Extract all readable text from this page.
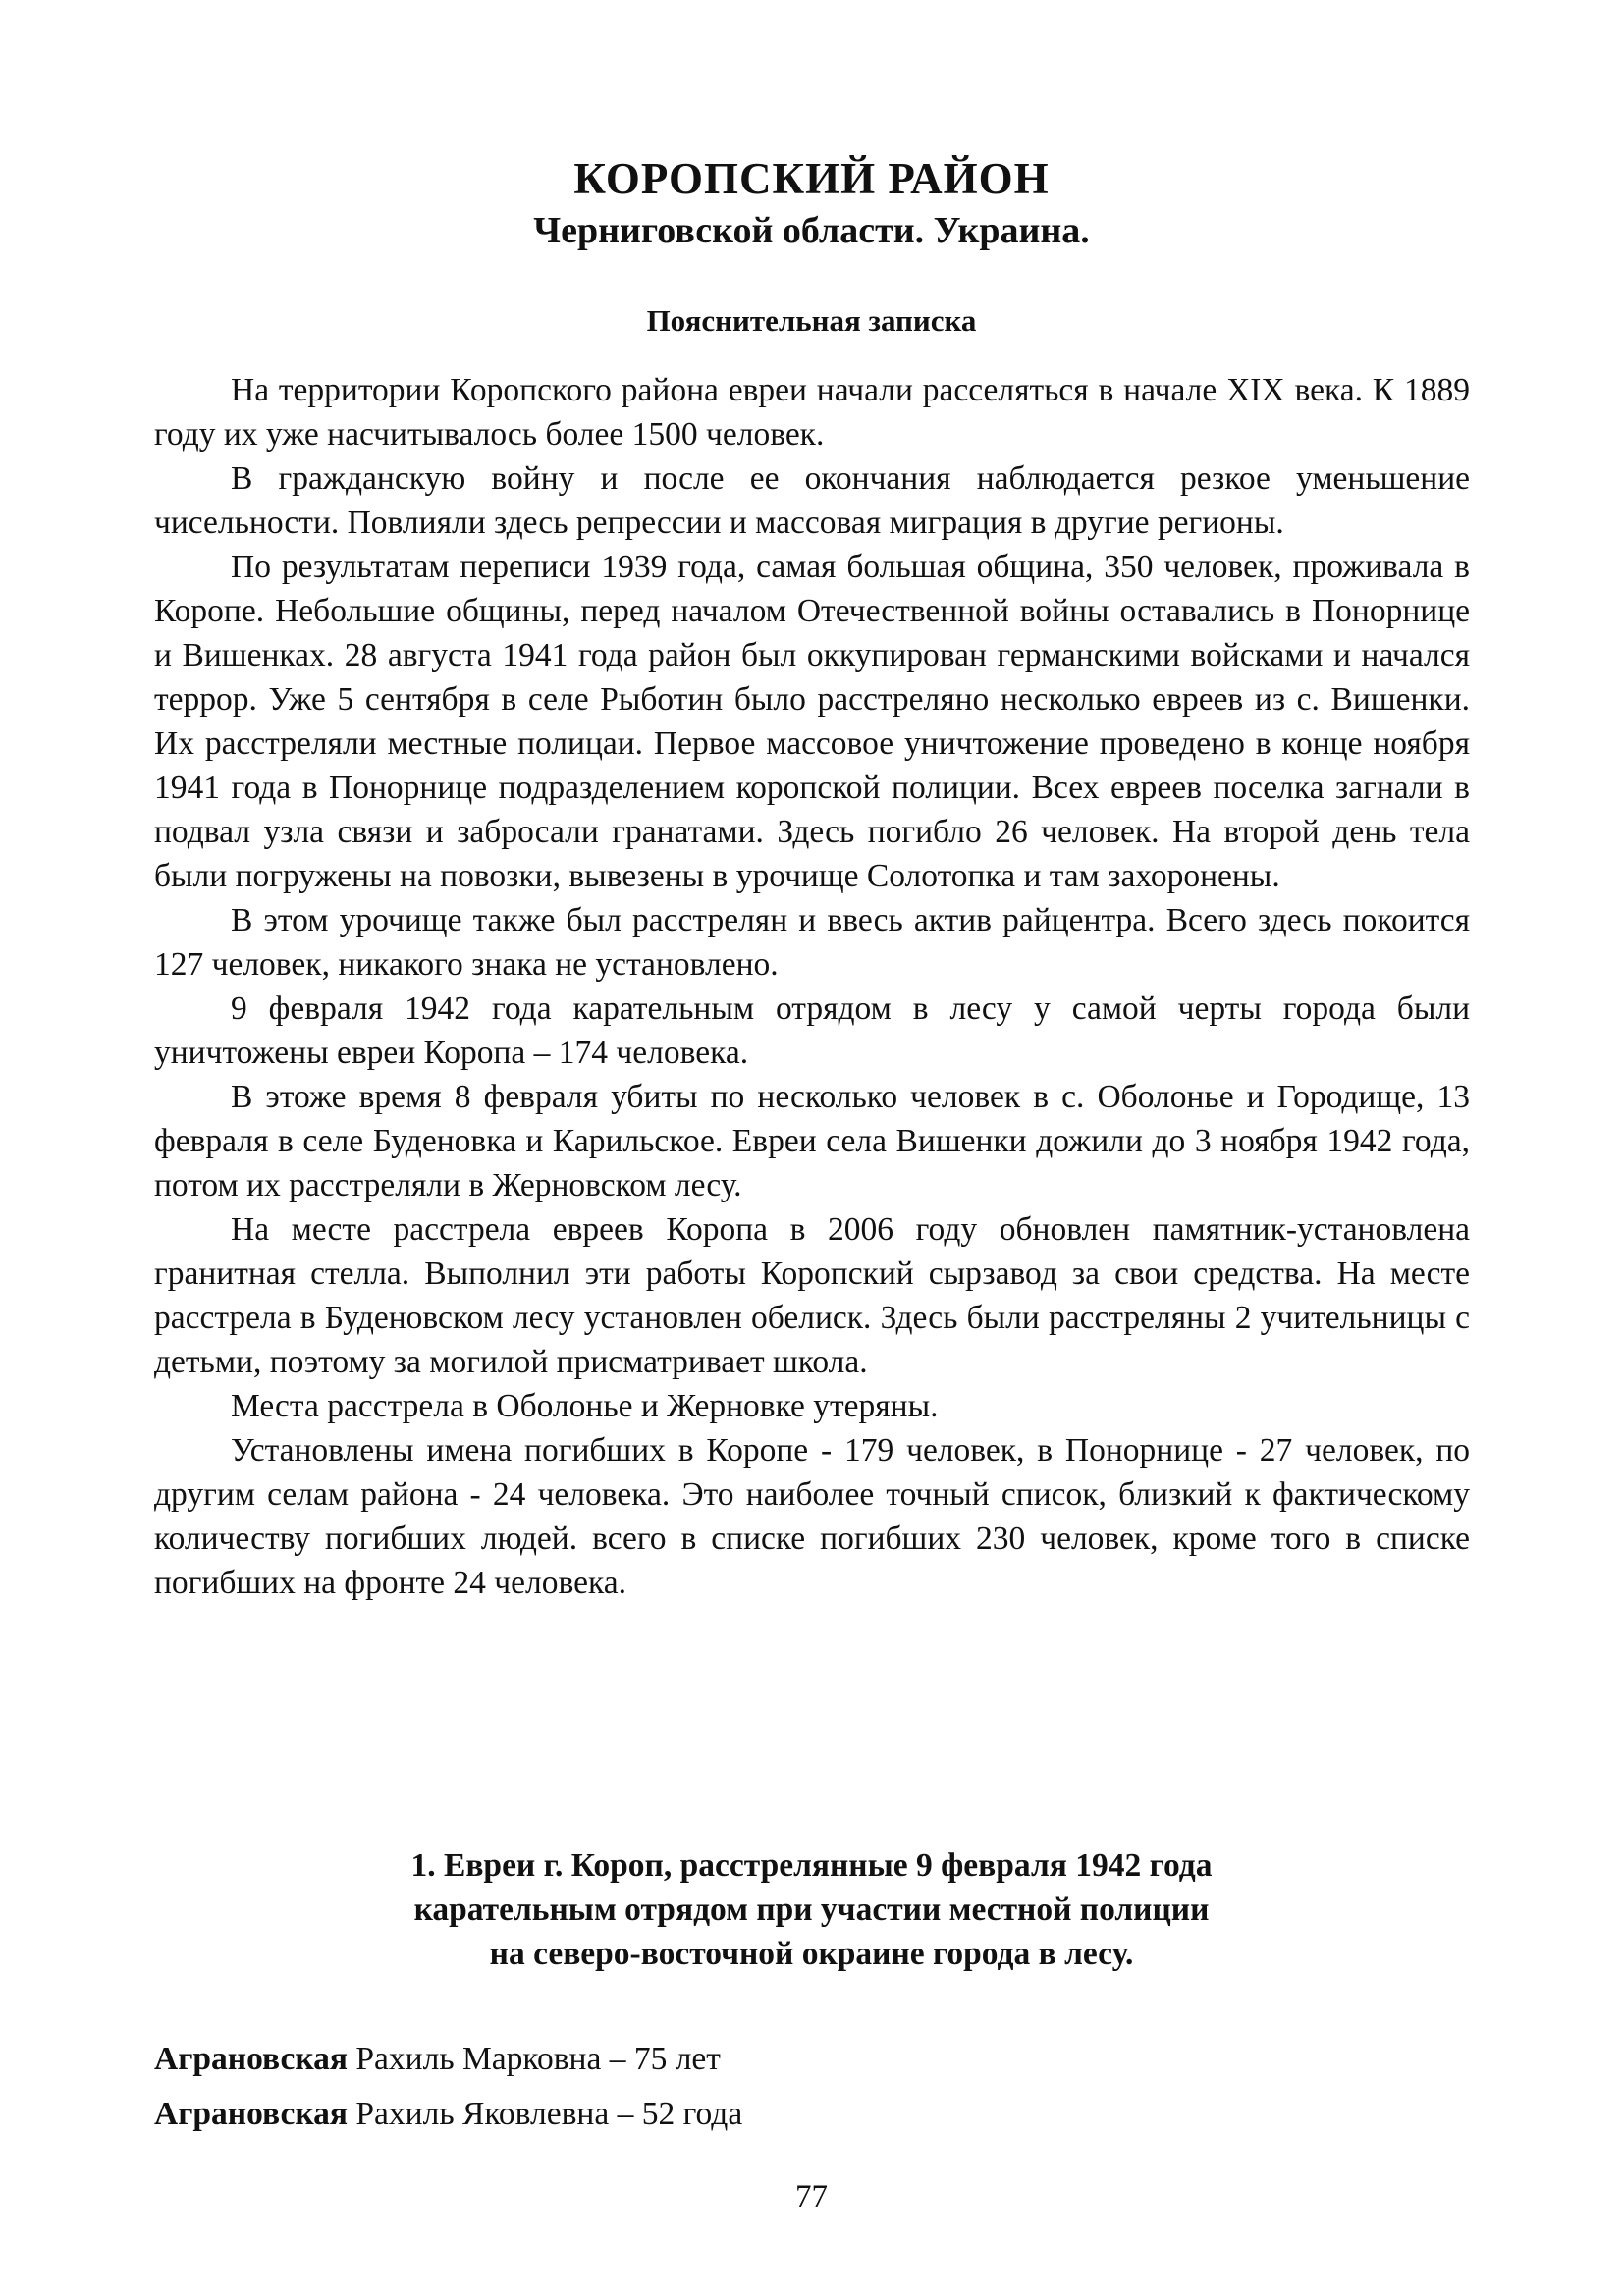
КОРОПСКИЙ РАЙОН
Черниговской области. Украина.
Пояснительная записка

На территории Коропского района евреи начали расселяться в начале XIX века. К 1889 году их уже насчитывалось более 1500 человек.

В гражданскую войну и после ее окончания наблюдается резкое уменьшение чисельности. Повлияли здесь репрессии и массовая миграция в другие регионы.

По результатам переписи 1939 года, самая большая община, 350 человек, проживала в Коропе. Небольшие общины, перед началом Отечественной войны оставались в Понорнице и Вишенках. 28 августа 1941 года район был оккупирован германскими войсками и начался террор. Уже 5 сентября в селе Рыботин было расстреляно несколько евреев из с. Вишенки. Их расстреляли местные полицаи. Первое массовое уничтожение проведено в конце ноября 1941 года в Понорнице подразделением коропской полиции. Всех евреев поселка загнали в подвал узла связи и забросали гранатами. Здесь погибло 26 человек. На второй день тела были погружены на повозки, вывезены в урочище Солотопка и там захоронены.

В этом урочище также был расстрелян и ввесь актив райцентра. Всего здесь покоится 127 человек, никакого знака не установлено.

9 февраля 1942 года карательным отрядом в лесу у самой черты города были уничтожены евреи Коропа – 174 человека.

В этоже время 8 февраля убиты по несколько человек в с. Оболонье и Городище, 13 февраля в селе Буденовка и Карильское. Евреи села Вишенки дожили до 3 ноября 1942 года, потом их расстреляли в Жерновском лесу.

На месте расстрела евреев Коропа в 2006 году обновлен памятник-установлена гранитная стелла. Выполнил эти работы Коропский сырзавод за свои средства. На месте расстрела в Буденовском лесу установлен обелиск. Здесь были расстреляны 2 учительницы с детьми, поэтому за могилой присматривает школа.

Места расстрела в Оболонье и Жерновке утеряны.

Установлены имена погибших в Коропе - 179 человек, в Понорнице - 27 человек, по другим селам района - 24 человека. Это наиболее точный список, близкий к фактическому количеству погибших людей. всего в списке погибших 230 человек, кроме того в списке погибших на фронте 24 человека.

1. Евреи г. Короп, расстрелянные 9 февраля 1942 года
карательным отрядом при участии местной полиции
на северо-восточной окраине города в лесу.
Аграновская Рахиль Марковна – 75 лет
Аграновская Рахиль Яковлевна – 52 года
77
